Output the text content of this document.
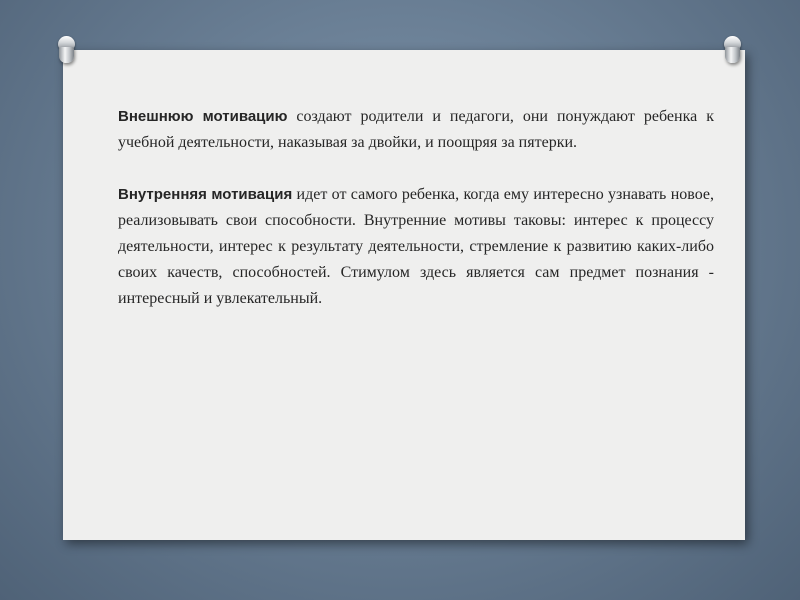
Внешнюю мотивацию создают родители и педагоги, они понуждают ребенка к учебной деятельности, наказывая за двойки, и поощряя за пятерки.

Внутренняя мотивация идет от самого ребенка, когда ему интересно узнавать новое, реализовывать свои способности. Внутренние мотивы таковы: интерес к процессу деятельности, интерес к результату деятельности, стремление к развитию каких-либо своих качеств, способностей. Стимулом здесь является сам предмет познания - интересный и увлекательный.
